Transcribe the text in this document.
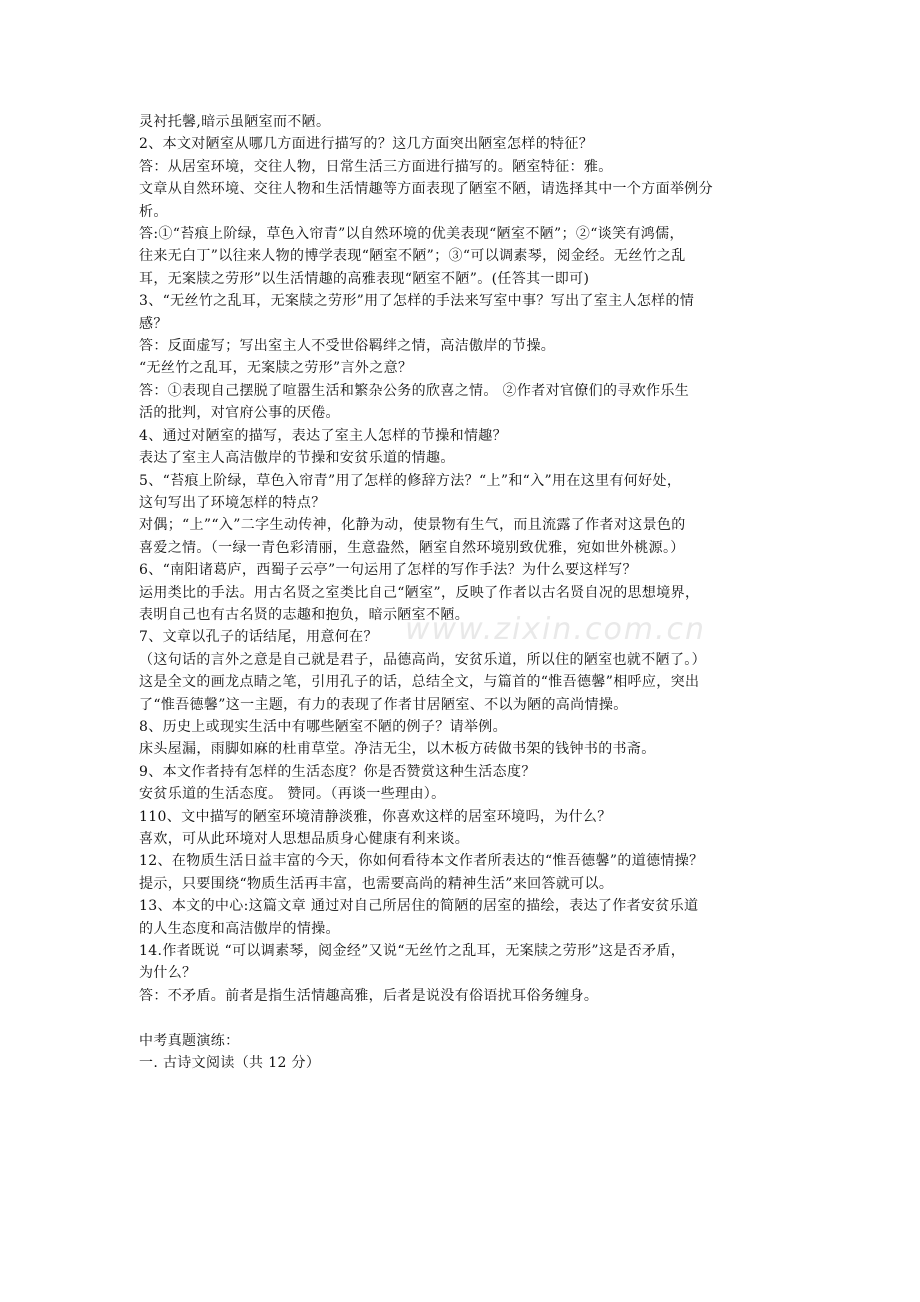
www.zixin.com.cn
灵衬托馨,暗示虽陋室而不陋。
2、本文对陋室从哪几方面进行描写的？这几方面突出陋室怎样的特征？
答：从居室环境，交往人物，日常生活三方面进行描写的。陋室特征：雅。
文章从自然环境、交往人物和生活情趣等方面表现了陋室不陋，请选择其中一个方面举例分
析。
答:①“苔痕上阶绿，草色入帘青”以自然环境的优美表现“陋室不陋”；②“谈笑有鸿儒，
往来无白丁”以往来人物的博学表现“陋室不陋”；③“可以调素琴，阅金经。无丝竹之乱
耳，无案牍之劳形”以生活情趣的高雅表现“陋室不陋”。(任答其一即可)
3、“无丝竹之乱耳，无案牍之劳形”用了怎样的手法来写室中事？写出了室主人怎样的情
感？
答：反面虚写；写出室主人不受世俗羁绊之情，高洁傲岸的节操。
“无丝竹之乱耳，无案牍之劳形”言外之意？
答：①表现自己摆脱了喧嚣生活和繁杂公务的欣喜之情。 ②作者对官僚们的寻欢作乐生
活的批判，对官府公事的厌倦。
4、通过对陋室的描写，表达了室主人怎样的节操和情趣？
表达了室主人高洁傲岸的节操和安贫乐道的情趣。
5、“苔痕上阶绿，草色入帘青”用了怎样的修辞方法？“上”和“入”用在这里有何好处，
这句写出了环境怎样的特点？
对偶；“上”“入”二字生动传神，化静为动，使景物有生气，而且流露了作者对这景色的
喜爱之情。（一绿一青色彩清丽，生意盎然，陋室自然环境别致优雅，宛如世外桃源。）
6、“南阳诸葛庐，西蜀子云亭”一句运用了怎样的写作手法？为什么要这样写？
运用类比的手法。用古名贤之室类比自己“陋室”，反映了作者以古名贤自况的思想境界，
表明自己也有古名贤的志趣和抱负，暗示陋室不陋。
7、文章以孔子的话结尾，用意何在？
（这句话的言外之意是自己就是君子，品德高尚，安贫乐道，所以住的陋室也就不陋了。）
这是全文的画龙点睛之笔，引用孔子的话，总结全文，与篇首的“惟吾德馨”相呼应，突出
了“惟吾德馨”这一主题，有力的表现了作者甘居陋室、不以为陋的高尚情操。
8、历史上或现实生活中有哪些陋室不陋的例子？请举例。
床头屋漏，雨脚如麻的杜甫草堂。净洁无尘，以木板方砖做书架的钱钟书的书斋。
9、本文作者持有怎样的生活态度？你是否赞赏这种生活态度？
安贫乐道的生活态度。 赞同。（再谈一些理由）。
110、文中描写的陋室环境清静淡雅，你喜欢这样的居室环境吗，为什么？
喜欢，可从此环境对人思想品质身心健康有利来谈。
12、在物质生活日益丰富的今天，你如何看待本文作者所表达的“惟吾德馨”的道德情操？
提示，只要围绕“物质生活再丰富，也需要高尚的精神生活”来回答就可以。
13、本文的中心:这篇文章 通过对自己所居住的简陋的居室的描绘，表达了作者安贫乐道
的人生态度和高洁傲岸的情操。
14.作者既说 “可以调素琴，阅金经”又说“无丝竹之乱耳，无案牍之劳形”这是否矛盾，
为什么？
答：不矛盾。前者是指生活情趣高雅，后者是说没有俗语扰耳俗务缠身。
中考真题演练：
一. 古诗文阅读（共 12 分）
